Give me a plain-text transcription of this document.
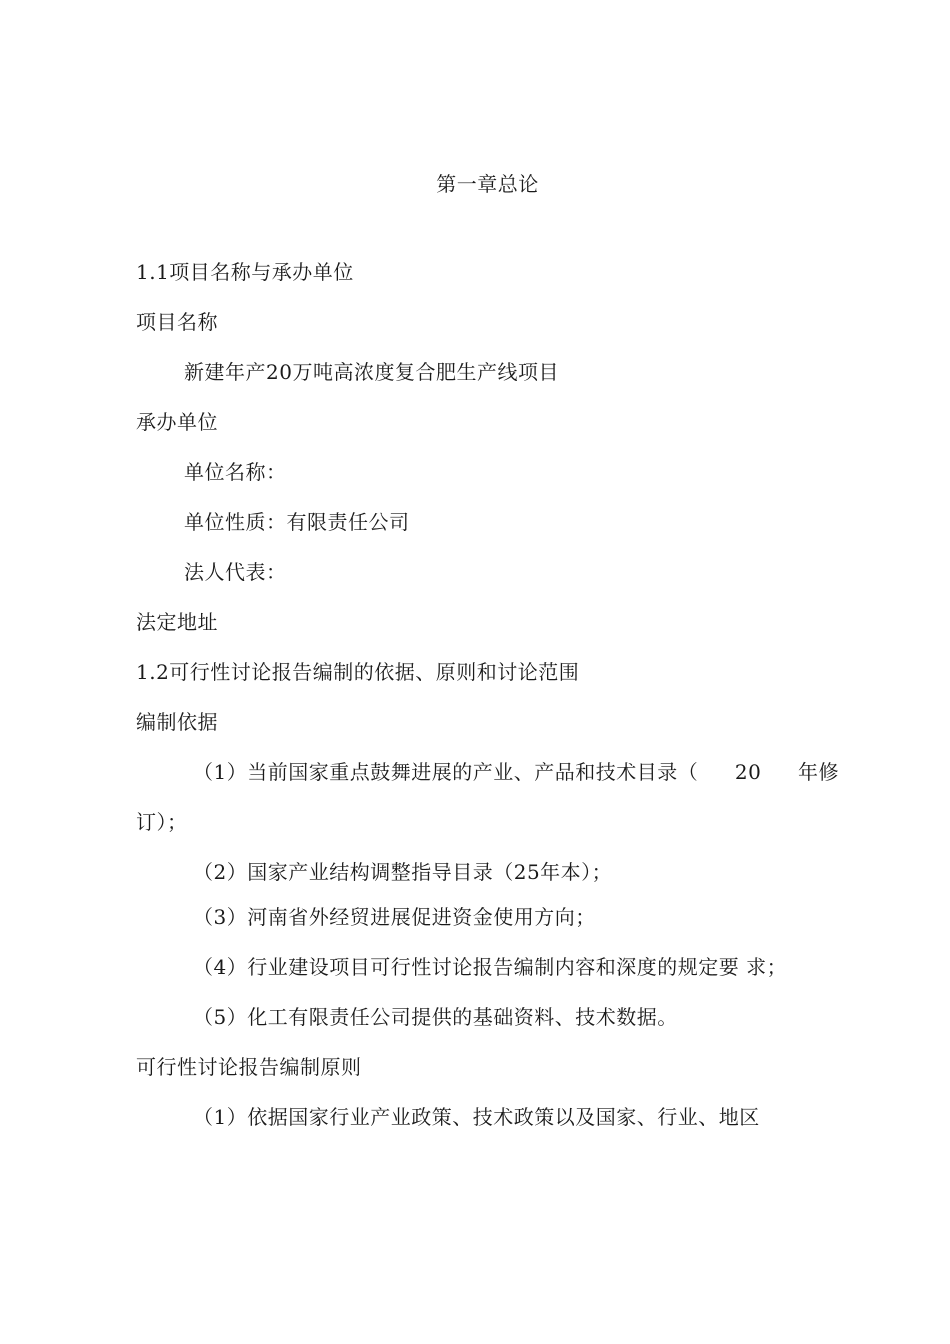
第一章总论
1.1项目名称与承办单位
项目名称
新建年产20万吨高浓度复合肥生产线项目
承办单位
单位名称：
单位性质：有限责任公司
法人代表：
法定地址
1.2可行性讨论报告编制的依据、原则和讨论范围
编制依据
（1）当前国家重点鼓舞进展的产业、产品和技术目录（ 20 年修
订）；
（2）国家产业结构调整指导目录（25年本）；
（3）河南省外经贸进展促进资金使用方向；
（4）行业建设项目可行性讨论报告编制内容和深度的规定要 求；
（5）化工有限责任公司提供的基础资料、技术数据。
可行性讨论报告编制原则
（1）依据国家行业产业政策、技术政策以及国家、行业、地区
